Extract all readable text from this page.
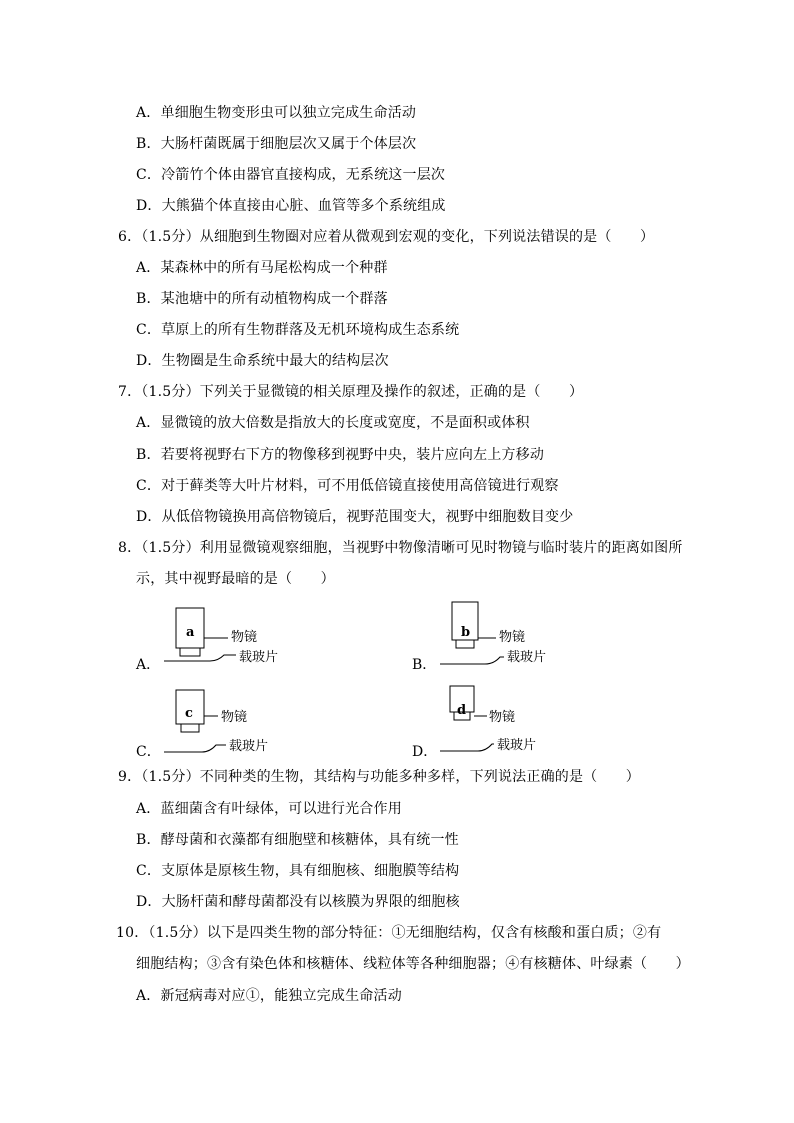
A．单细胞生物变形虫可以独立完成生命活动
B．大肠杆菌既属于细胞层次又属于个体层次
C．冷箭竹个体由器官直接构成，无系统这一层次
D．大熊猫个体直接由心脏、血管等多个系统组成
6．（1.5分）从细胞到生物圈对应着从微观到宏观的变化，下列说法错误的是（　　）
A．某森林中的所有马尾松构成一个种群
B．某池塘中的所有动植物构成一个群落
C．草原上的所有生物群落及无机环境构成生态系统
D．生物圈是生命系统中最大的结构层次
7．（1.5分）下列关于显微镜的相关原理及操作的叙述，正确的是（　　）
A．显微镜的放大倍数是指放大的长度或宽度，不是面积或体积
B．若要将视野右下方的物像移到视野中央，装片应向左上方移动
C．对于藓类等大叶片材料，可不用低倍镜直接使用高倍镜进行观察
D．从低倍物镜换用高倍物镜后，视野范围变大，视野中细胞数目变少
8．（1.5分）利用显微镜观察细胞，当视野中物像清晰可见时物镜与临时装片的距离如图所
示，其中视野最暗的是（　　）
a	b
c	d
物镜	物镜
物镜	物镜
载玻片	载玻片
载玻片	载玻片
A．	B．
C．	D．
9．（1.5分）不同种类的生物，其结构与功能多种多样，下列说法正确的是（　　）
A．蓝细菌含有叶绿体，可以进行光合作用
B．酵母菌和衣藻都有细胞壁和核糖体，具有统一性
C．支原体是原核生物，具有细胞核、细胞膜等结构
D．大肠杆菌和酵母菌都没有以核膜为界限的细胞核
10．（1.5分）以下是四类生物的部分特征：①无细胞结构，仅含有核酸和蛋白质；②有
细胞结构；③含有染色体和核糖体、线粒体等各种细胞器；④有核糖体、叶绿素（　　）
A．新冠病毒对应①，能独立完成生命活动
